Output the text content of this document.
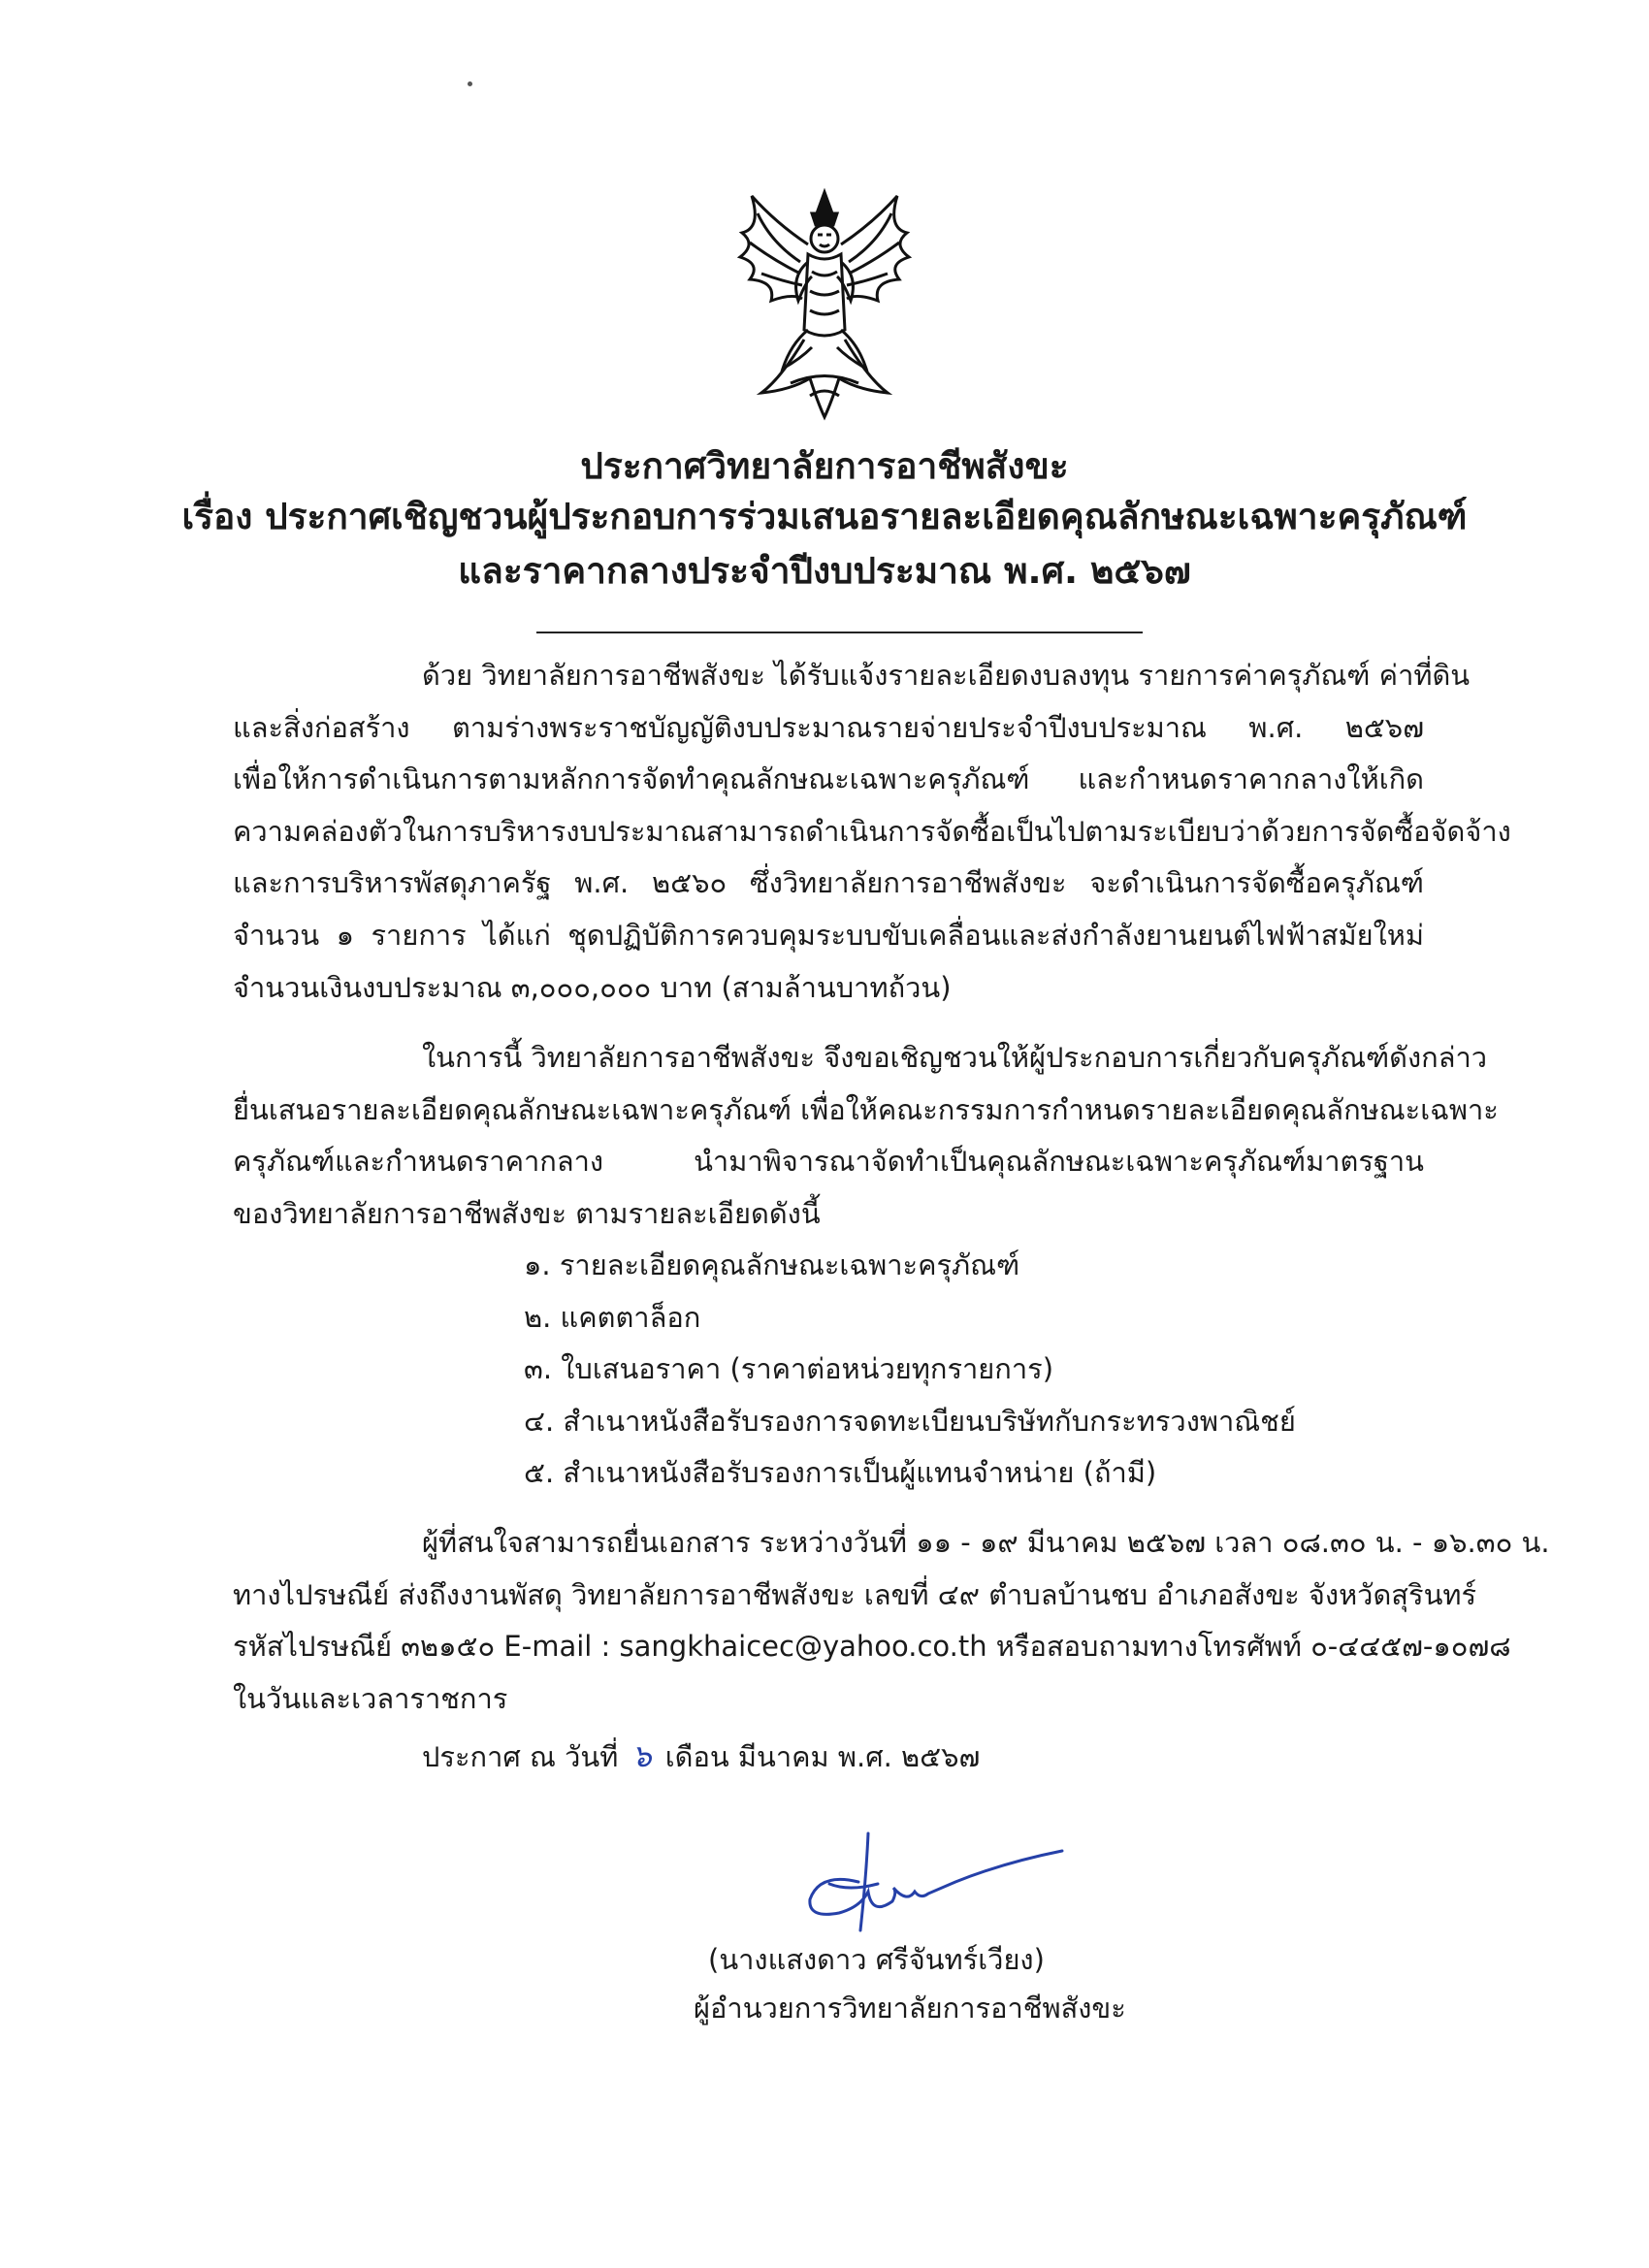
ประกาศวิทยาลัยการอาชีพสังขะ
เรื่อง ประกาศเชิญชวนผู้ประกอบการร่วมเสนอรายละเอียดคุณลักษณะเฉพาะครุภัณฑ์
และราคากลางประจำปีงบประมาณ พ.ศ. ๒๕๖๗
ด้วย วิทยาลัยการอาชีพสังขะ ได้รับแจ้งรายละเอียดงบลงทุน รายการค่าครุภัณฑ์ ค่าที่ดิน
และสิ่งก่อสร้าง ตามร่างพระราชบัญญัติงบประมาณรายจ่ายประจำปีงบประมาณ พ.ศ. ๒๕๖๗
เพื่อให้การดำเนินการตามหลักการจัดทำคุณลักษณะเฉพาะครุภัณฑ์ และกำหนดราคากลางให้เกิด
ความคล่องตัวในการบริหารงบประมาณสามารถดำเนินการจัดซื้อเป็นไปตามระเบียบว่าด้วยการจัดซื้อจัดจ้าง
และการบริหารพัสดุภาครัฐ พ.ศ. ๒๕๖๐ ซึ่งวิทยาลัยการอาชีพสังขะ จะดำเนินการจัดซื้อครุภัณฑ์
จำนวน ๑ รายการ ได้แก่ ชุดปฏิบัติการควบคุมระบบขับเคลื่อนและส่งกำลังยานยนต์ไฟฟ้าสมัยใหม่
จำนวนเงินงบประมาณ ๓,๐๐๐,๐๐๐ บาท (สามล้านบาทถ้วน)
ในการนี้ วิทยาลัยการอาชีพสังขะ จึงขอเชิญชวนให้ผู้ประกอบการเกี่ยวกับครุภัณฑ์ดังกล่าว
ยื่นเสนอรายละเอียดคุณลักษณะเฉพาะครุภัณฑ์ เพื่อให้คณะกรรมการกำหนดรายละเอียดคุณลักษณะเฉพาะ
ครุภัณฑ์และกำหนดราคากลาง นำมาพิจารณาจัดทำเป็นคุณลักษณะเฉพาะครุภัณฑ์มาตรฐาน
ของวิทยาลัยการอาชีพสังขะ ตามรายละเอียดดังนี้
๑. รายละเอียดคุณลักษณะเฉพาะครุภัณฑ์
๒. แคตตาล็อก
๓. ใบเสนอราคา (ราคาต่อหน่วยทุกรายการ)
๔. สำเนาหนังสือรับรองการจดทะเบียนบริษัทกับกระทรวงพาณิชย์
๕. สำเนาหนังสือรับรองการเป็นผู้แทนจำหน่าย (ถ้ามี)
ผู้ที่สนใจสามารถยื่นเอกสาร ระหว่างวันที่ ๑๑ - ๑๙ มีนาคม ๒๕๖๗ เวลา ๐๘.๓๐ น. - ๑๖.๓๐ น.
ทางไปรษณีย์ ส่งถึงงานพัสดุ วิทยาลัยการอาชีพสังขะ เลขที่ ๔๙ ตำบลบ้านชบ อำเภอสังขะ จังหวัดสุรินทร์
รหัสไปรษณีย์ ๓๒๑๕๐ E-mail : sangkhaicec@yahoo.co.th หรือสอบถามทางโทรศัพท์ ๐-๔๔๕๗-๑๐๗๘
ในวันและเวลาราชการ
ประกาศ ณ วันที่ ๖ เดือน มีนาคม พ.ศ. ๒๕๖๗
(นางแสงดาว ศรีจันทร์เวียง)
ผู้อำนวยการวิทยาลัยการอาชีพสังขะ
